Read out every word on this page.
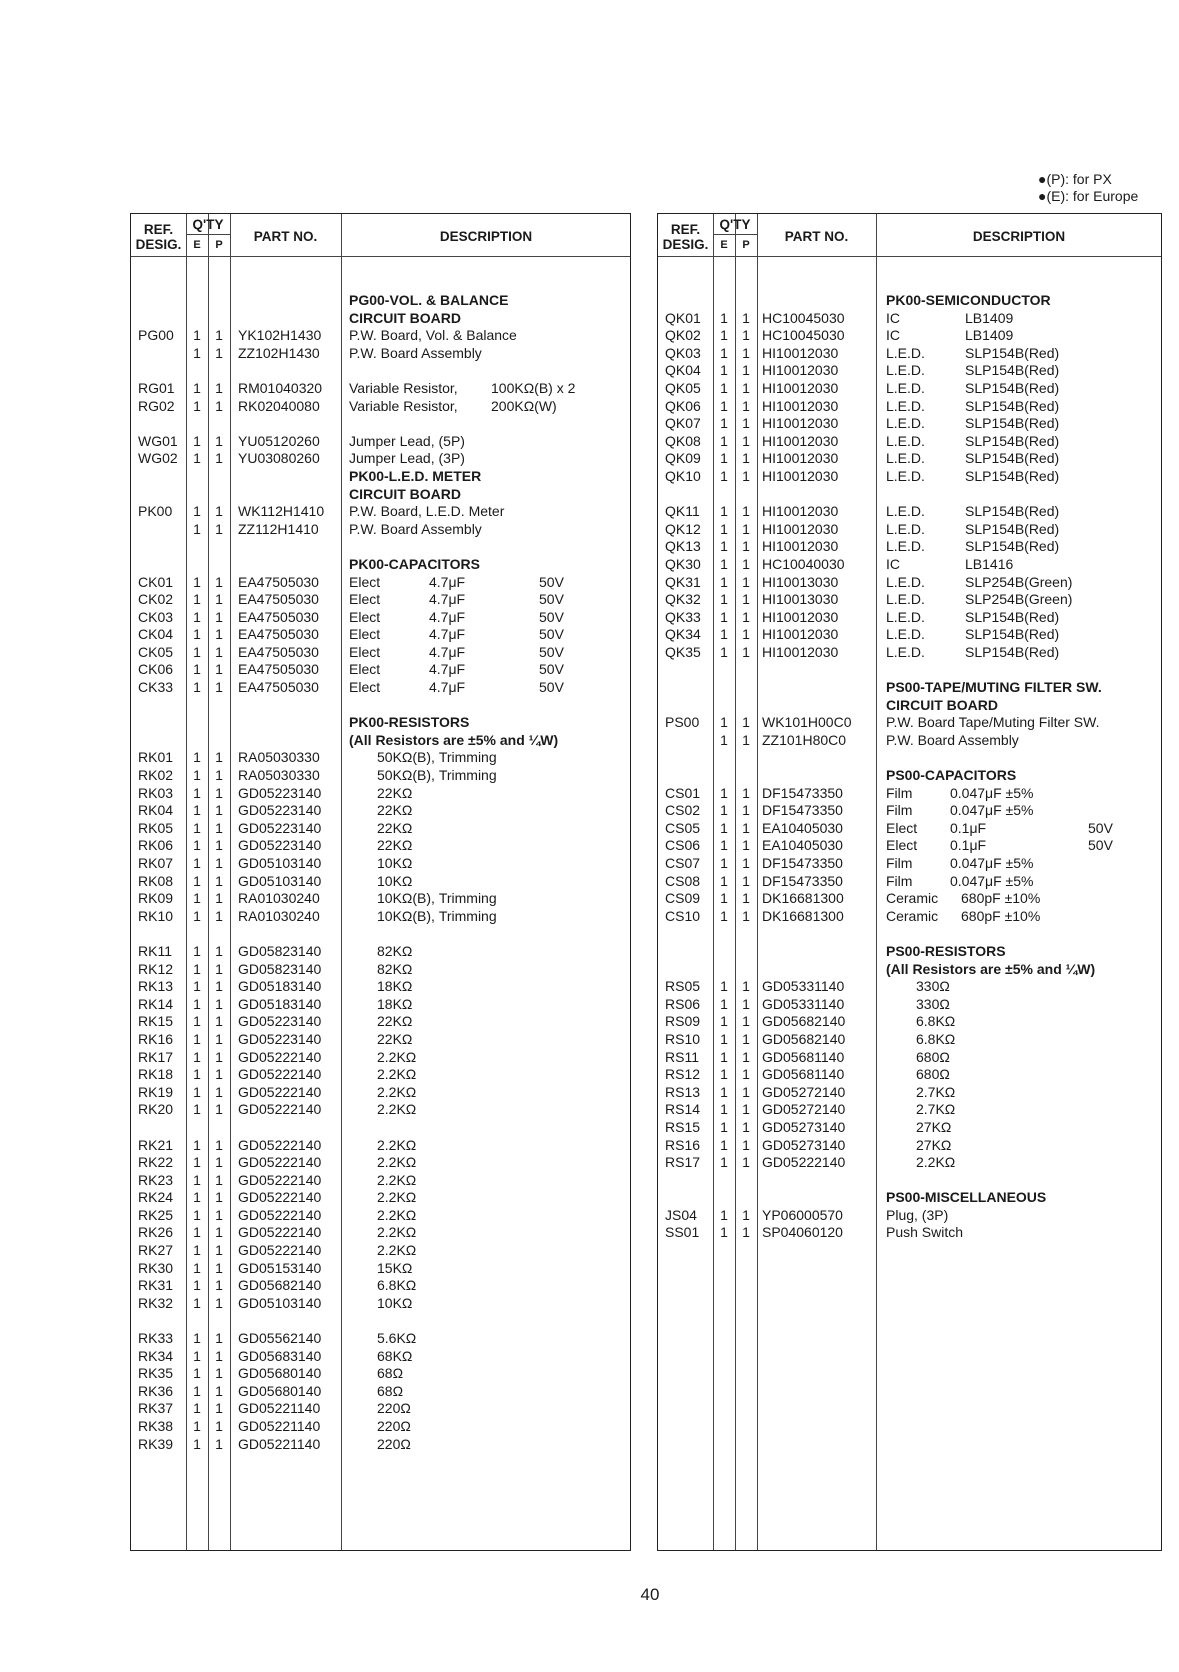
●(P): for PX
●(E): for Europe
REF.
DESIG.
Q'TY
E	P
PART NO.	DESCRIPTION
PG00-VOL. & BALANCE
CIRCUIT BOARD
PG00	1	1	YK102H1430 P.W. Board, Vol. & Balance
1	1	ZZ102H1430 P.W. Board Assembly
RG01	1	1	RM01040320 Variable Resistor, 100KΩ(B) x 2
RG02	1	1	RK02040080 Variable Resistor, 200KΩ(W)
WG01	1	1	YU05120260 Jumper Lead, (5P)
WG02	1	1	YU03080260 Jumper Lead, (3P)
PK00-L.E.D. METER
CIRCUIT BOARD
PK00	1	1	WK112H1410 P.W. Board, L.E.D. Meter
1	1	ZZ112H1410 P.W. Board Assembly
PK00-CAPACITORS
CK01	1	1	EA47505030 Elect	4.7μF	50V
CK02	1	1	EA47505030 Elect	4.7μF	50V
CK03	1	1	EA47505030 Elect	4.7μF	50V
CK04	1	1	EA47505030 Elect	4.7μF	50V
CK05	1	1	EA47505030 Elect	4.7μF	50V
CK06	1	1	EA47505030 Elect	4.7μF	50V
CK33	1	1	EA47505030 Elect	4.7μF	50V
PK00-RESISTORS
(All Resistors are ±5% and ¼W)
RK01	1	1	RA05030330	50KΩ(B), Trimming
RK02	1	1	RA05030330	50KΩ(B), Trimming
RK03	1	1	GD05223140	22KΩ
RK04	1	1	GD05223140	22KΩ
RK05	1	1	GD05223140	22KΩ
RK06	1	1	GD05223140	22KΩ
RK07	1	1	GD05103140	10KΩ
RK08	1	1	GD05103140	10KΩ
RK09	1	1	RA01030240	10KΩ(B), Trimming
RK10	1	1	RA01030240	10KΩ(B), Trimming
RK11	1	1	GD05823140	82KΩ
RK12	1	1	GD05823140	82KΩ
RK13	1	1	GD05183140	18KΩ
RK14	1	1	GD05183140	18KΩ
RK15	1	1	GD05223140	22KΩ
RK16	1	1	GD05223140	22KΩ
RK17	1	1	GD05222140	2.2KΩ
RK18	1	1	GD05222140	2.2KΩ
RK19	1	1	GD05222140	2.2KΩ
RK20	1	1	GD05222140	2.2KΩ
RK21	1	1	GD05222140	2.2KΩ
RK22	1	1	GD05222140	2.2KΩ
RK23	1	1	GD05222140	2.2KΩ
RK24	1	1	GD05222140	2.2KΩ
RK25	1	1	GD05222140	2.2KΩ
RK26	1	1	GD05222140	2.2KΩ
RK27	1	1	GD05222140	2.2KΩ
RK30	1	1	GD05153140	15KΩ
RK31	1	1	GD05682140	6.8KΩ
RK32	1	1	GD05103140	10KΩ
RK33	1	1	GD05562140	5.6KΩ
RK34	1	1	GD05683140	68KΩ
RK35	1	1	GD05680140	68Ω
RK36	1	1	GD05680140	68Ω
RK37	1	1	GD05221140	220Ω
RK38	1	1	GD05221140	220Ω
RK39	1	1	GD05221140	220Ω
REF.
DESIG.
Q'TY
E	P
PART NO.	DESCRIPTION
PK00-SEMICONDUCTOR
QK01	1	1 HC10045030	IC	LB1409
QK02	1	1 HC10045030	IC	LB1409
QK03	1	1 HI10012030	L.E.D.	SLP154B(Red)
QK04	1	1 HI10012030	L.E.D.	SLP154B(Red)
QK05	1	1 HI10012030	L.E.D.	SLP154B(Red)
QK06	1	1 HI10012030	L.E.D.	SLP154B(Red)
QK07	1	1 HI10012030	L.E.D.	SLP154B(Red)
QK08	1	1 HI10012030	L.E.D.	SLP154B(Red)
QK09	1	1 HI10012030	L.E.D.	SLP154B(Red)
QK10	1	1 HI10012030	L.E.D.	SLP154B(Red)
QK11	1	1 HI10012030	L.E.D.	SLP154B(Red)
QK12	1	1 HI10012030	L.E.D.	SLP154B(Red)
QK13	1	1 HI10012030	L.E.D.	SLP154B(Red)
QK30	1	1 HC10040030	IC	LB1416
QK31	1	1 HI10013030	L.E.D.	SLP254B(Green)
QK32	1	1 HI10013030	L.E.D.	SLP254B(Green)
QK33	1	1 HI10012030	L.E.D.	SLP154B(Red)
QK34	1	1 HI10012030	L.E.D.	SLP154B(Red)
QK35	1	1 HI10012030	L.E.D.	SLP154B(Red)
PS00-TAPE/MUTING FILTER SW.
CIRCUIT BOARD
PS00	1	1 WK101H00C0 P.W. Board Tape/Muting Filter SW.
1	1 ZZ101H80C0	P.W. Board Assembly
PS00-CAPACITORS
CS01	1	1 DF15473350	Film	0.047μF ±5%
CS02	1	1 DF15473350	Film	0.047μF ±5%
CS05	1	1 EA10405030	Elect 0.1μF	50V
CS06	1	1 EA10405030	Elect 0.1μF	50V
CS07	1	1 DF15473350	Film	0.047μF ±5%
CS08	1	1 DF15473350	Film	0.047μF ±5%
CS09	1	1 DK16681300	Ceramic 680pF ±10%
CS10	1	1 DK16681300	Ceramic 680pF ±10%
PS00-RESISTORS
(All Resistors are ±5% and ¼W)
RS05	1	1 GD05331140	330Ω
RS06	1	1 GD05331140	330Ω
RS09	1	1 GD05682140	6.8KΩ
RS10	1	1 GD05682140	6.8KΩ
RS11	1	1 GD05681140	680Ω
RS12	1	1 GD05681140	680Ω
RS13	1	1 GD05272140	2.7KΩ
RS14	1	1 GD05272140	2.7KΩ
RS15	1	1 GD05273140	27KΩ
RS16	1	1 GD05273140	27KΩ
RS17	1	1 GD05222140	2.2KΩ
PS00-MISCELLANEOUS
JS04	1	1 YP06000570	Plug, (3P)
SS01	1	1 SP04060120	Push Switch
40
